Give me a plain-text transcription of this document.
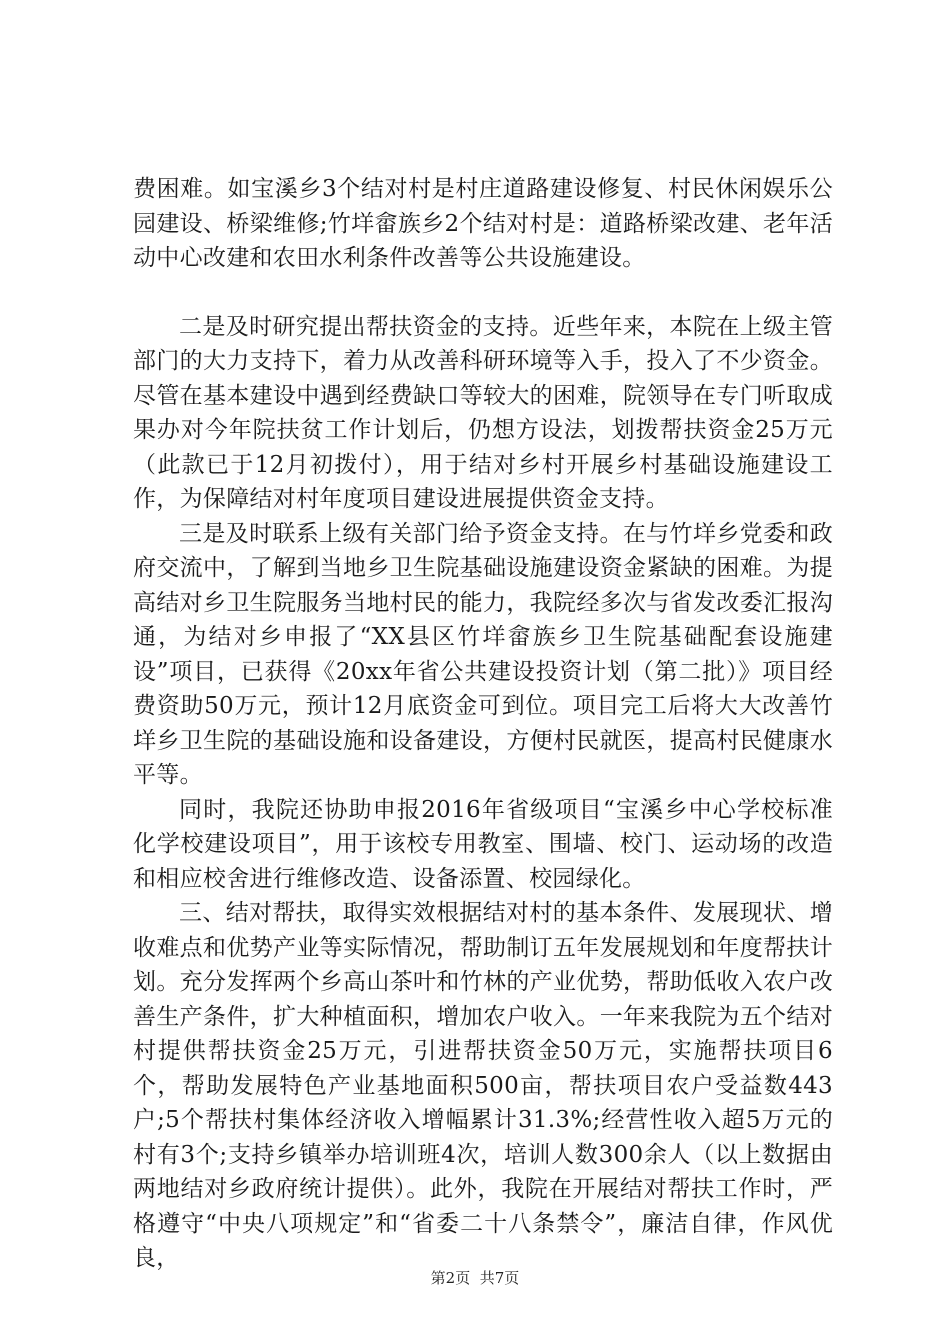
费困难。如宝溪乡3个结对村是村庄道路建设修复、村民休闲娱乐公园建设、桥梁维修;竹垟畲族乡2个结对村是：道路桥梁改建、老年活动中心改建和农田水利条件改善等公共设施建设。

二是及时研究提出帮扶资金的支持。近些年来，本院在上级主管部门的大力支持下，着力从改善科研环境等入手，投入了不少资金。尽管在基本建设中遇到经费缺口等较大的困难，院领导在专门听取成果办对今年院扶贫工作计划后，仍想方设法，划拨帮扶资金25万元（此款已于12月初拨付），用于结对乡村开展乡村基础设施建设工作，为保障结对村年度项目建设进展提供资金支持。

三是及时联系上级有关部门给予资金支持。在与竹垟乡党委和政府交流中，了解到当地乡卫生院基础设施建设资金紧缺的困难。为提高结对乡卫生院服务当地村民的能力，我院经多次与省发改委汇报沟通，为结对乡申报了“XX县区竹垟畲族乡卫生院基础配套设施建设”项目，已获得《20xx年省公共建设投资计划（第二批）》项目经费资助50万元，预计12月底资金可到位。项目完工后将大大改善竹垟乡卫生院的基础设施和设备建设，方便村民就医，提高村民健康水平等。

同时，我院还协助申报2016年省级项目“宝溪乡中心学校标准化学校建设项目”，用于该校专用教室、围墙、校门、运动场的改造和相应校舍进行维修改造、设备添置、校园绿化。

三、结对帮扶，取得实效根据结对村的基本条件、发展现状、增收难点和优势产业等实际情况，帮助制订五年发展规划和年度帮扶计划。充分发挥两个乡高山茶叶和竹林的产业优势，帮助低收入农户改善生产条件，扩大种植面积，增加农户收入。一年来我院为五个结对村提供帮扶资金25万元，引进帮扶资金50万元，实施帮扶项目6个，帮助发展特色产业基地面积500亩，帮扶项目农户受益数443户;5个帮扶村集体经济收入增幅累计31.3%;经营性收入超5万元的村有3个;支持乡镇举办培训班4次，培训人数300余人（以上数据由两地结对乡政府统计提供）。此外，我院在开展结对帮扶工作时，严格遵守“中央八项规定”和“省委二十八条禁令”，廉洁自律，作风优良，

第2页 共7页
